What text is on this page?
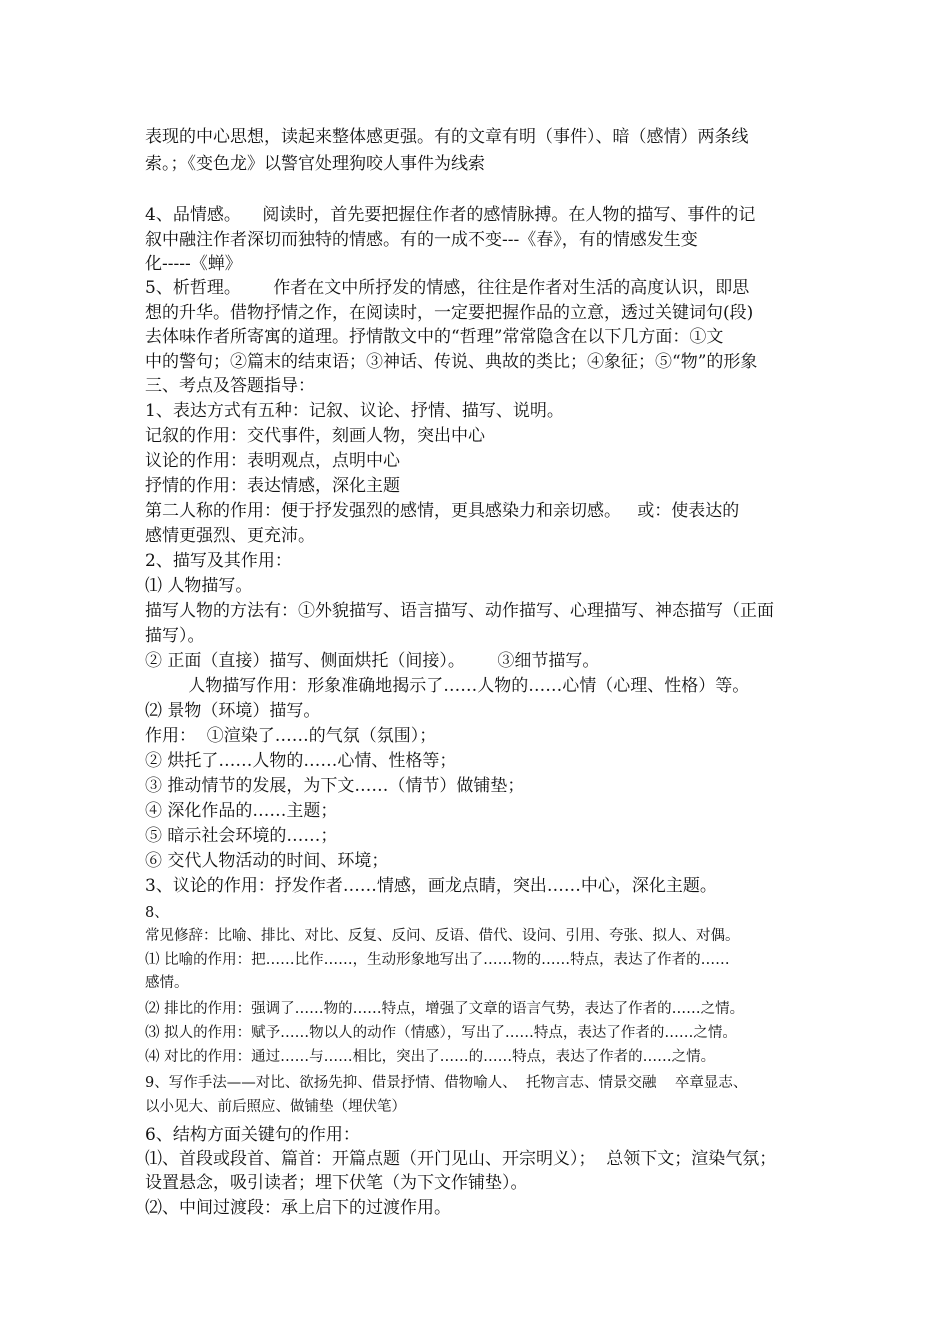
表现的中心思想，读起来整体感更强。有的文章有明（事件）、暗（感情）两条线
索。；《变色龙》以警官处理狗咬人事件为线索
4、品情感。    阅读时，首先要把握住作者的感情脉搏。在人物的描写、事件的记
叙中融注作者深切而独特的情感。有的一成不变---《春》，有的情感发生变
化-----《蝉》
5、析哲理。      作者在文中所抒发的情感，往往是作者对生活的高度认识，即思
想的升华。借物抒情之作，在阅读时，一定要把握作品的立意，透过关键词句(段)
去体味作者所寄寓的道理。抒情散文中的“哲理”常常隐含在以下几方面：①文
中的警句；②篇末的结束语；③神话、传说、典故的类比；④象征；⑤“物”的形象
三、考点及答题指导：
1、表达方式有五种：记叙、议论、抒情、描写、说明。
记叙的作用：交代事件，刻画人物，突出中心
议论的作用：表明观点，点明中心
抒情的作用：表达情感，深化主题
第二人称的作用：便于抒发强烈的感情，更具感染力和亲切感。   或：使表达的
感情更强烈、更充沛。
2、描写及其作用：
⑴ 人物描写。
描写人物的方法有：①外貌描写、语言描写、动作描写、心理描写、神态描写（正面
描写）。
② 正面（直接）描写、侧面烘托（间接）。      ③细节描写。
人物描写作用：形象准确地揭示了……人物的……心情（心理、性格）等。
⑵ 景物（环境）描写。
作用：  ①渲染了……的气氛（氛围）；
② 烘托了……人物的……心情、性格等；
③ 推动情节的发展，为下文……（情节）做铺垫；
④ 深化作品的……主题；
⑤ 暗示社会环境的……；
⑥ 交代人物活动的时间、环境；
3、议论的作用：抒发作者……情感，画龙点睛，突出……中心，深化主题。
8、
常见修辞：比喻、排比、对比、反复、反问、反语、借代、设问、引用、夸张、拟人、对偶。
⑴ 比喻的作用：把……比作……，生动形象地写出了……物的……特点，表达了作者的……
感情。
⑵ 排比的作用：强调了……物的……特点，增强了文章的语言气势，表达了作者的……之情。
⑶ 拟人的作用：赋予……物以人的动作（情感），写出了……特点，表达了作者的……之情。
⑷ 对比的作用：通过……与……相比，突出了……的……特点，表达了作者的……之情。
9、写作手法——对比、欲扬先抑、借景抒情、借物喻人、  托物言志、情景交融    卒章显志、
以小见大、前后照应、做铺垫（埋伏笔）
6、结构方面关键句的作用：
⑴、首段或段首、篇首：开篇点题（开门见山、开宗明义）；  总领下文；渲染气氛；
设置悬念，吸引读者；埋下伏笔（为下文作铺垫）。
⑵、中间过渡段：承上启下的过渡作用。
